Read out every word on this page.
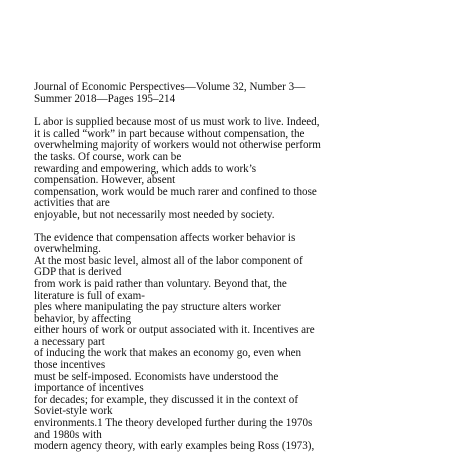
Journal of Economic Perspectives—Volume 32, Number 3—
Summer 2018—Pages 195–214
L abor is supplied because most of us must work to live. Indeed,
it is called “work” in part because without compensation, the
overwhelming majority of workers would not otherwise perform
the tasks. Of course, work can be
rewarding and empowering, which adds to work’s
compensation. However, absent
compensation, work would be much rarer and confined to those
activities that are
enjoyable, but not necessarily most needed by society.
The evidence that compensation affects worker behavior is
overwhelming.
At the most basic level, almost all of the labor component of
GDP that is derived
from work is paid rather than voluntary. Beyond that, the
literature is full of exam-
ples where manipulating the pay structure alters worker
behavior, by affecting
either hours of work or output associated with it. Incentives are
a necessary part
of inducing the work that makes an economy go, even when
those incentives
must be self-imposed. Economists have understood the
importance of incentives
for decades; for example, they discussed it in the context of
Soviet-style work
environments.1 The theory developed further during the 1970s
and 1980s with
modern agency theory, with early examples being Ross (1973),
